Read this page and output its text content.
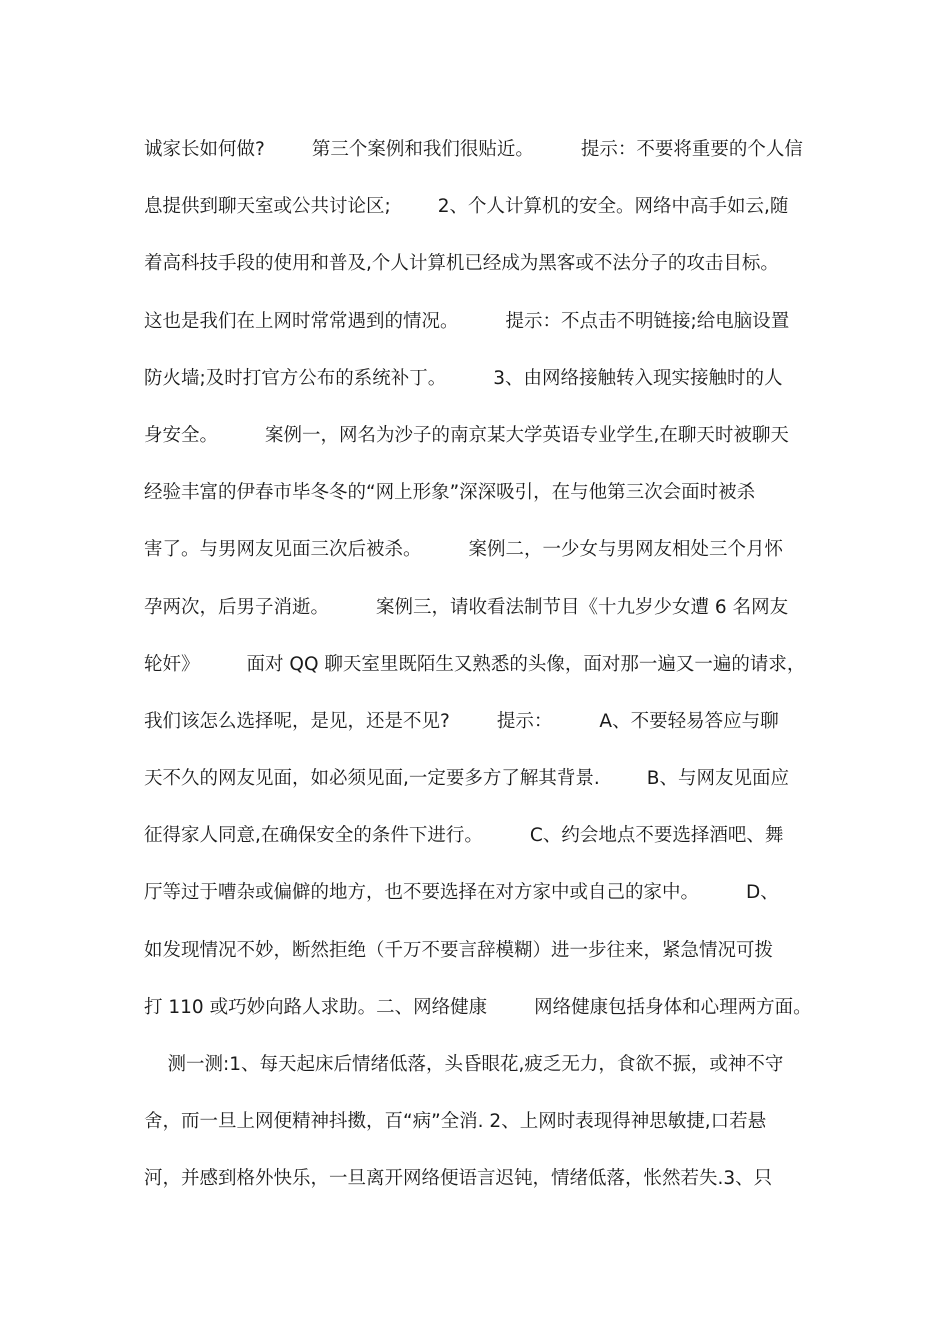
诚家长如何做?        第三个案例和我们很贴近。        提示：不要将重要的个人信
息提供到聊天室或公共讨论区;        2、个人计算机的安全。网络中高手如云,随
着高科技手段的使用和普及,个人计算机已经成为黑客或不法分子的攻击目标。
这也是我们在上网时常常遇到的情况。        提示：不点击不明链接;给电脑设置
防火墙;及时打官方公布的系统补丁。        3、由网络接触转入现实接触时的人
身安全。        案例一，网名为沙子的南京某大学英语专业学生,在聊天时被聊天
经验丰富的伊春市毕冬冬的“网上形象”深深吸引，在与他第三次会面时被杀
害了。与男网友见面三次后被杀。        案例二，一少女与男网友相处三个月怀
孕两次，后男子消逝。        案例三，请收看法制节目《十九岁少女遭 6 名网友
轮奸》        面对 QQ 聊天室里既陌生又熟悉的头像，面对那一遍又一遍的请求，
我们该怎么选择呢，是见，还是不见?        提示：        A、不要轻易答应与聊
天不久的网友见面，如必须见面,一定要多方了解其背景.        B、与网友见面应
征得家人同意,在确保安全的条件下进行。        C、约会地点不要选择酒吧、舞
厅等过于嘈杂或偏僻的地方，也不要选择在对方家中或自己的家中。        D、
如发现情况不妙，断然拒绝（千万不要言辞模糊）进一步往来，紧急情况可拨
打 110 或巧妙向路人求助。二、网络健康        网络健康包括身体和心理两方面。
测一测:1、每天起床后情绪低落，头昏眼花,疲乏无力，食欲不振，或神不守
舍，而一旦上网便精神抖擞，百“病”全消. 2、上网时表现得神思敏捷,口若悬
河，并感到格外快乐，一旦离开网络便语言迟钝，情绪低落，怅然若失.3、只
